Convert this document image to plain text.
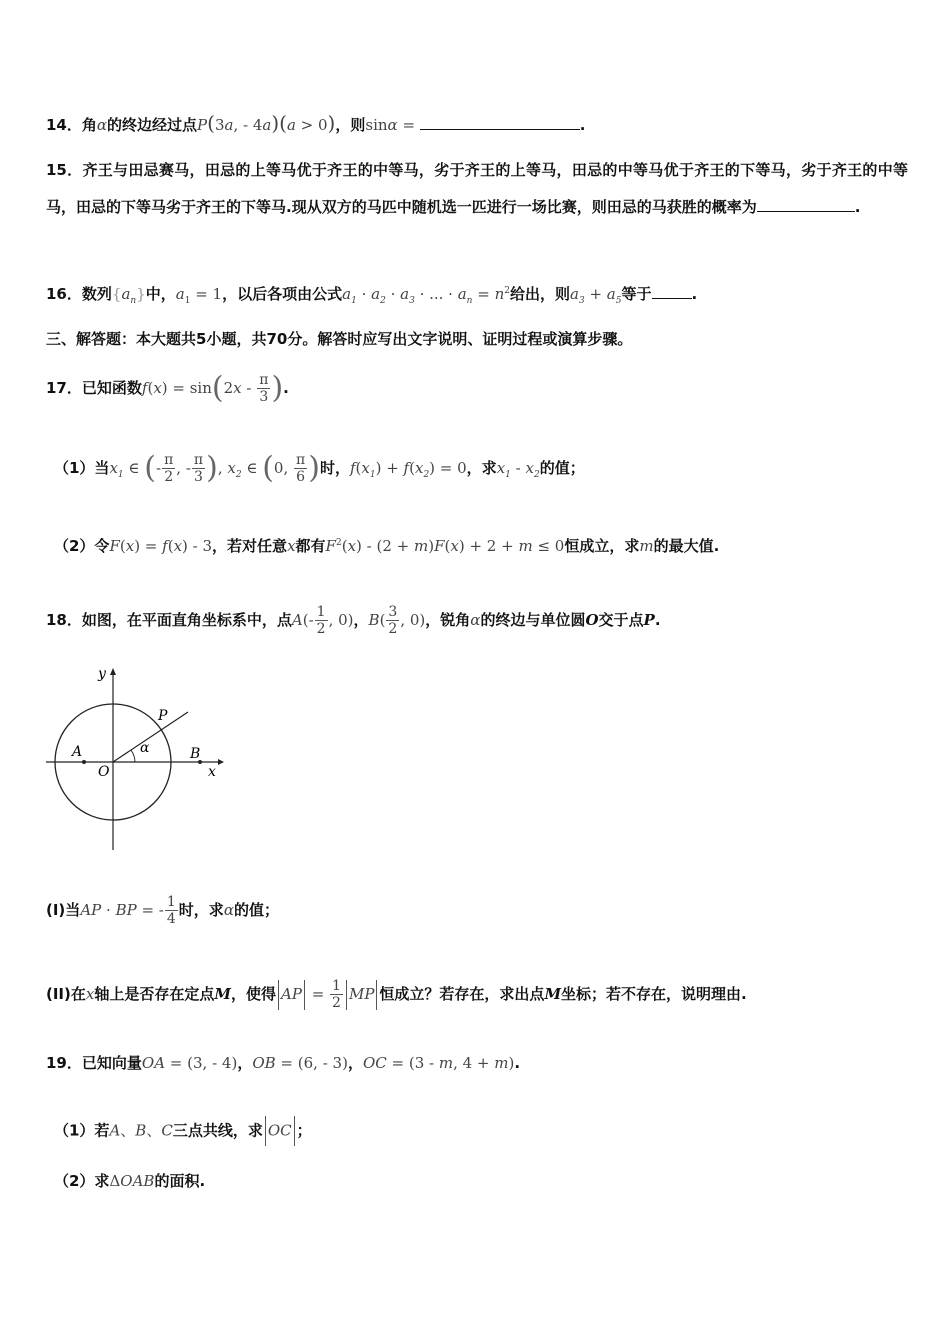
14．角α的终边经过点P(3a, - 4a)(a > 0)，则sinα =	.
15．齐王与田忌赛马，田忌的上等马优于齐王的中等马，劣于齐王的上等马，田忌的中等马优于齐王的下等马，劣于齐王的中等马，田忌的下等马劣于齐王的下等马.现从双方的马匹中随机选一匹进行一场比赛，则田忌的马获胜的概率为	.
16．数列$\{a_n\}$中，$a_1 = 1$，以后各项由公式$a_1 \cdot a_2 \cdot a_3$ · ... · $a_n = n^2$给出，则$a_3 + a_5$等于	.
三、解答题：本大题共5小题，共70分。解答时应写出文字说明、证明过程或演算步骤。
17．已知函数$f(x) = \sin(2x - \frac{\pi}{3}$ ).
（1）当$x_1$ ∈ (- $\frac{\pi}{2}$ , - $\frac{\pi}{3}$ ), $x_2$ ∈ (0, $\frac{\pi}{6}$ )时，$f(x_1) + f(x_2) = 0$，求$x_1 - x_2$的值；
（2）令F(x) = f(x) - 3，若对任意x都有$F^2(x) - (2 + m)F(x) + 2 + m \le 0$恒成立，求m的最大值.
18．如图，在平面直角坐标系中，点$A(- \frac{1}{2}$ , 0)，$B( \frac{3}{2}$ , 0)，锐角α的终边与单位圆O交于点P.
y
x
O
A	B
P
α
(I)当AP · BP = - $\frac{1}{4}$ 时，求α的值；
(II)在x轴上是否存在定点M，使得 AP = $\frac{1}{2}$ MP 恒成立？若存在，求出点M坐标；若不存在，说明理由.
19．已知向量OA = (3, - 4)，OB = (6, - 3)，OC = (3 - m, 4 + m).
（1）若A、B、C三点共线，求 OC ；
（2）求ΔOAB的面积.
